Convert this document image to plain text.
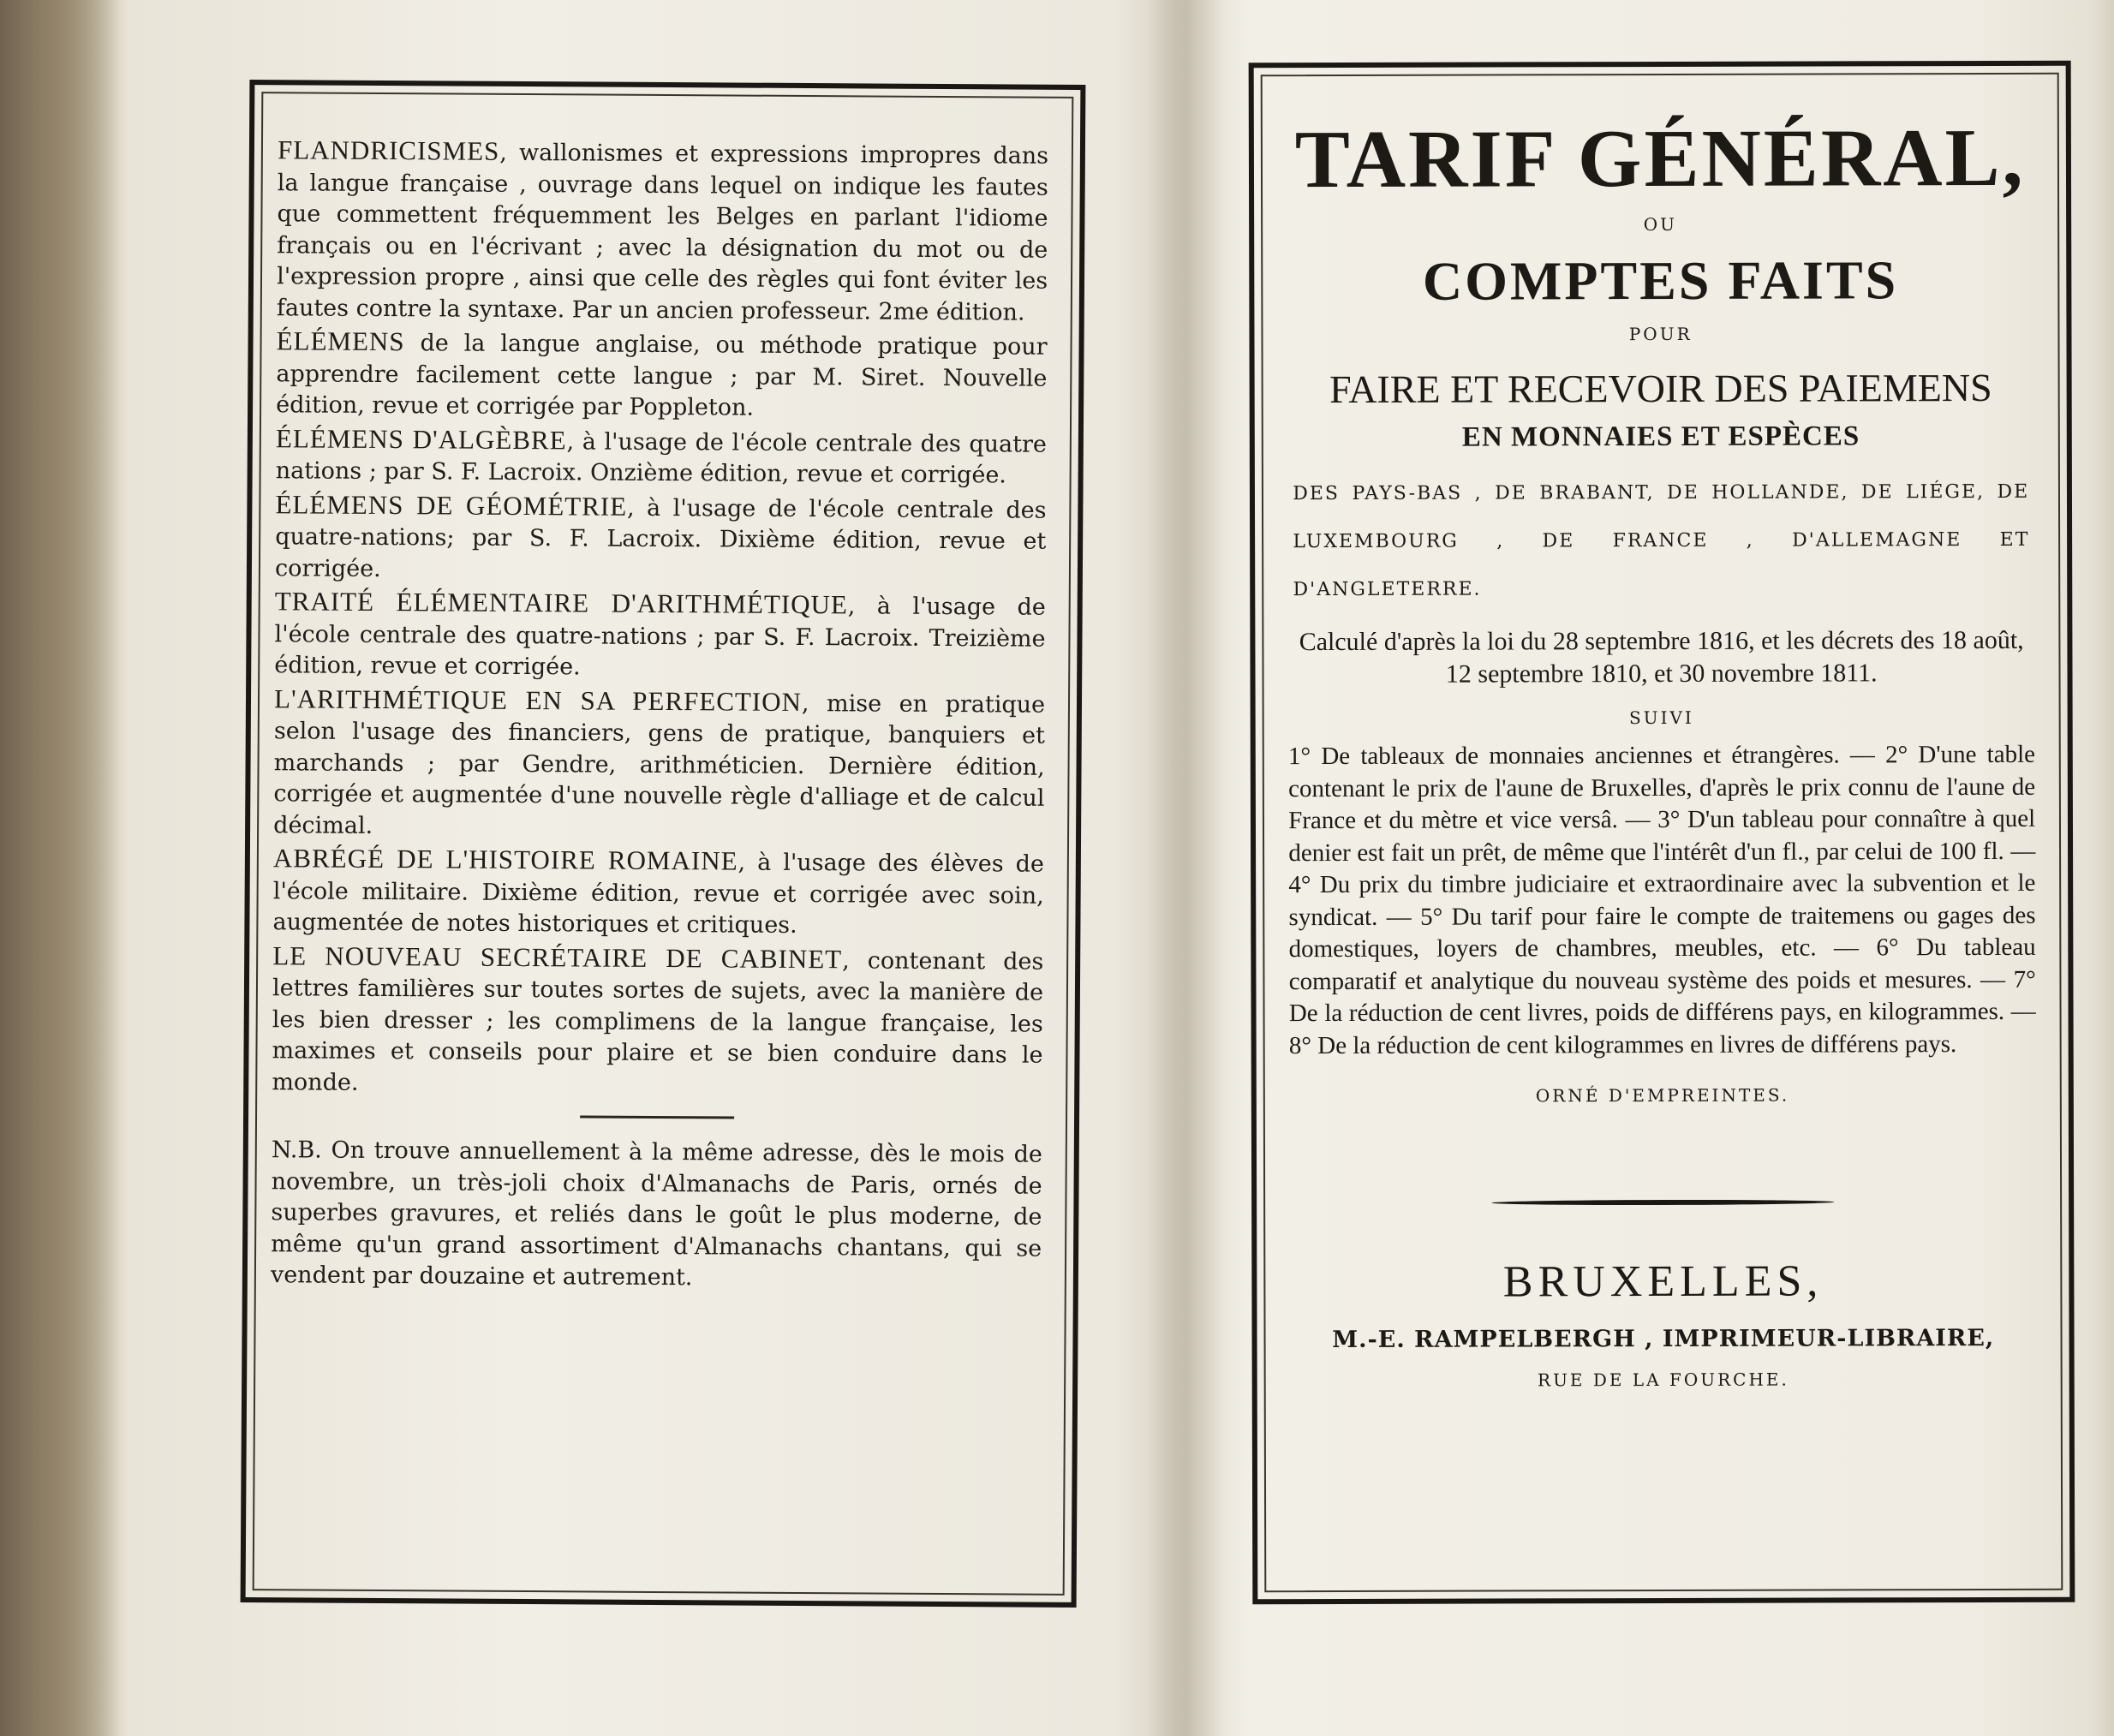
FLANDRICISMES, wallonismes et expressions impropres dans la langue française , ouvrage dans lequel on indique les fautes que commettent fréquemment les Belges en parlant l'idiome français ou en l'écrivant ; avec la désignation du mot ou de l'expression propre , ainsi que celle des règles qui font éviter les fautes contre la syntaxe. Par un ancien professeur. 2me édition.

ÉLÉMENS de la langue anglaise, ou méthode pratique pour apprendre facilement cette langue ; par M. Siret. Nouvelle édition, revue et corrigée par Poppleton.

ÉLÉMENS D'ALGÈBRE, à l'usage de l'école centrale des quatre nations ; par S. F. Lacroix. Onzième édition, revue et corrigée.

ÉLÉMENS DE GÉOMÉTRIE, à l'usage de l'école centrale des quatre-nations; par S. F. Lacroix. Dixième édition, revue et corrigée.

TRAITÉ ÉLÉMENTAIRE D'ARITHMÉTIQUE, à l'usage de l'école centrale des quatre-nations ; par S. F. Lacroix. Treizième édition, revue et corrigée.

L'ARITHMÉTIQUE EN SA PERFECTION, mise en pratique selon l'usage des financiers, gens de pratique, banquiers et marchands ; par Gendre, arithméticien. Dernière édition, corrigée et augmentée d'une nouvelle règle d'alliage et de calcul décimal.

ABRÉGÉ DE L'HISTOIRE ROMAINE, à l'usage des élèves de l'école militaire. Dixième édition, revue et corrigée avec soin, augmentée de notes historiques et critiques.

LE NOUVEAU SECRÉTAIRE DE CABINET, contenant des lettres familières sur toutes sortes de sujets, avec la manière de les bien dresser ; les complimens de la langue française, les maximes et conseils pour plaire et se bien conduire dans le monde.

N.B. On trouve annuellement à la même adresse, dès le mois de novembre, un très-joli choix d'Almanachs de Paris, ornés de superbes gravures, et reliés dans le goût le plus moderne, de même qu'un grand assortiment d'Almanachs chantans, qui se vendent par douzaine et autrement.

TARIF GÉNÉRAL,

OU

COMPTES FAITS

POUR

FAIRE ET RECEVOIR DES PAIEMENS

EN MONNAIES ET ESPÈCES

DES PAYS-BAS , DE BRABANT, DE HOLLANDE, DE LIÉGE, DE LUXEMBOURG , DE FRANCE , D'ALLEMAGNE ET D'ANGLETERRE.

Calculé d'après la loi du 28 septembre 1816, et les décrets des 18 août, 12 septembre 1810, et 30 novembre 1811.

SUIVI

1° De tableaux de monnaies anciennes et étrangères. — 2° D'une table contenant le prix de l'aune de Bruxelles, d'après le prix connu de l'aune de France et du mètre et vice versâ. — 3° D'un tableau pour connaître à quel denier est fait un prêt, de même que l'intérêt d'un fl., par celui de 100 fl. — 4° Du prix du timbre judiciaire et extraordinaire avec la subvention et le syndicat. — 5° Du tarif pour faire le compte de traitemens ou gages des domestiques, loyers de chambres, meubles, etc. — 6° Du tableau comparatif et analytique du nouveau système des poids et mesures. — 7° De la réduction de cent livres, poids de différens pays, en kilogrammes. — 8° De la réduction de cent kilogrammes en livres de différens pays.

ORNÉ D'EMPREINTES.

BRUXELLES,

M.-E. RAMPELBERGH , IMPRIMEUR-LIBRAIRE,

RUE DE LA FOURCHE.
